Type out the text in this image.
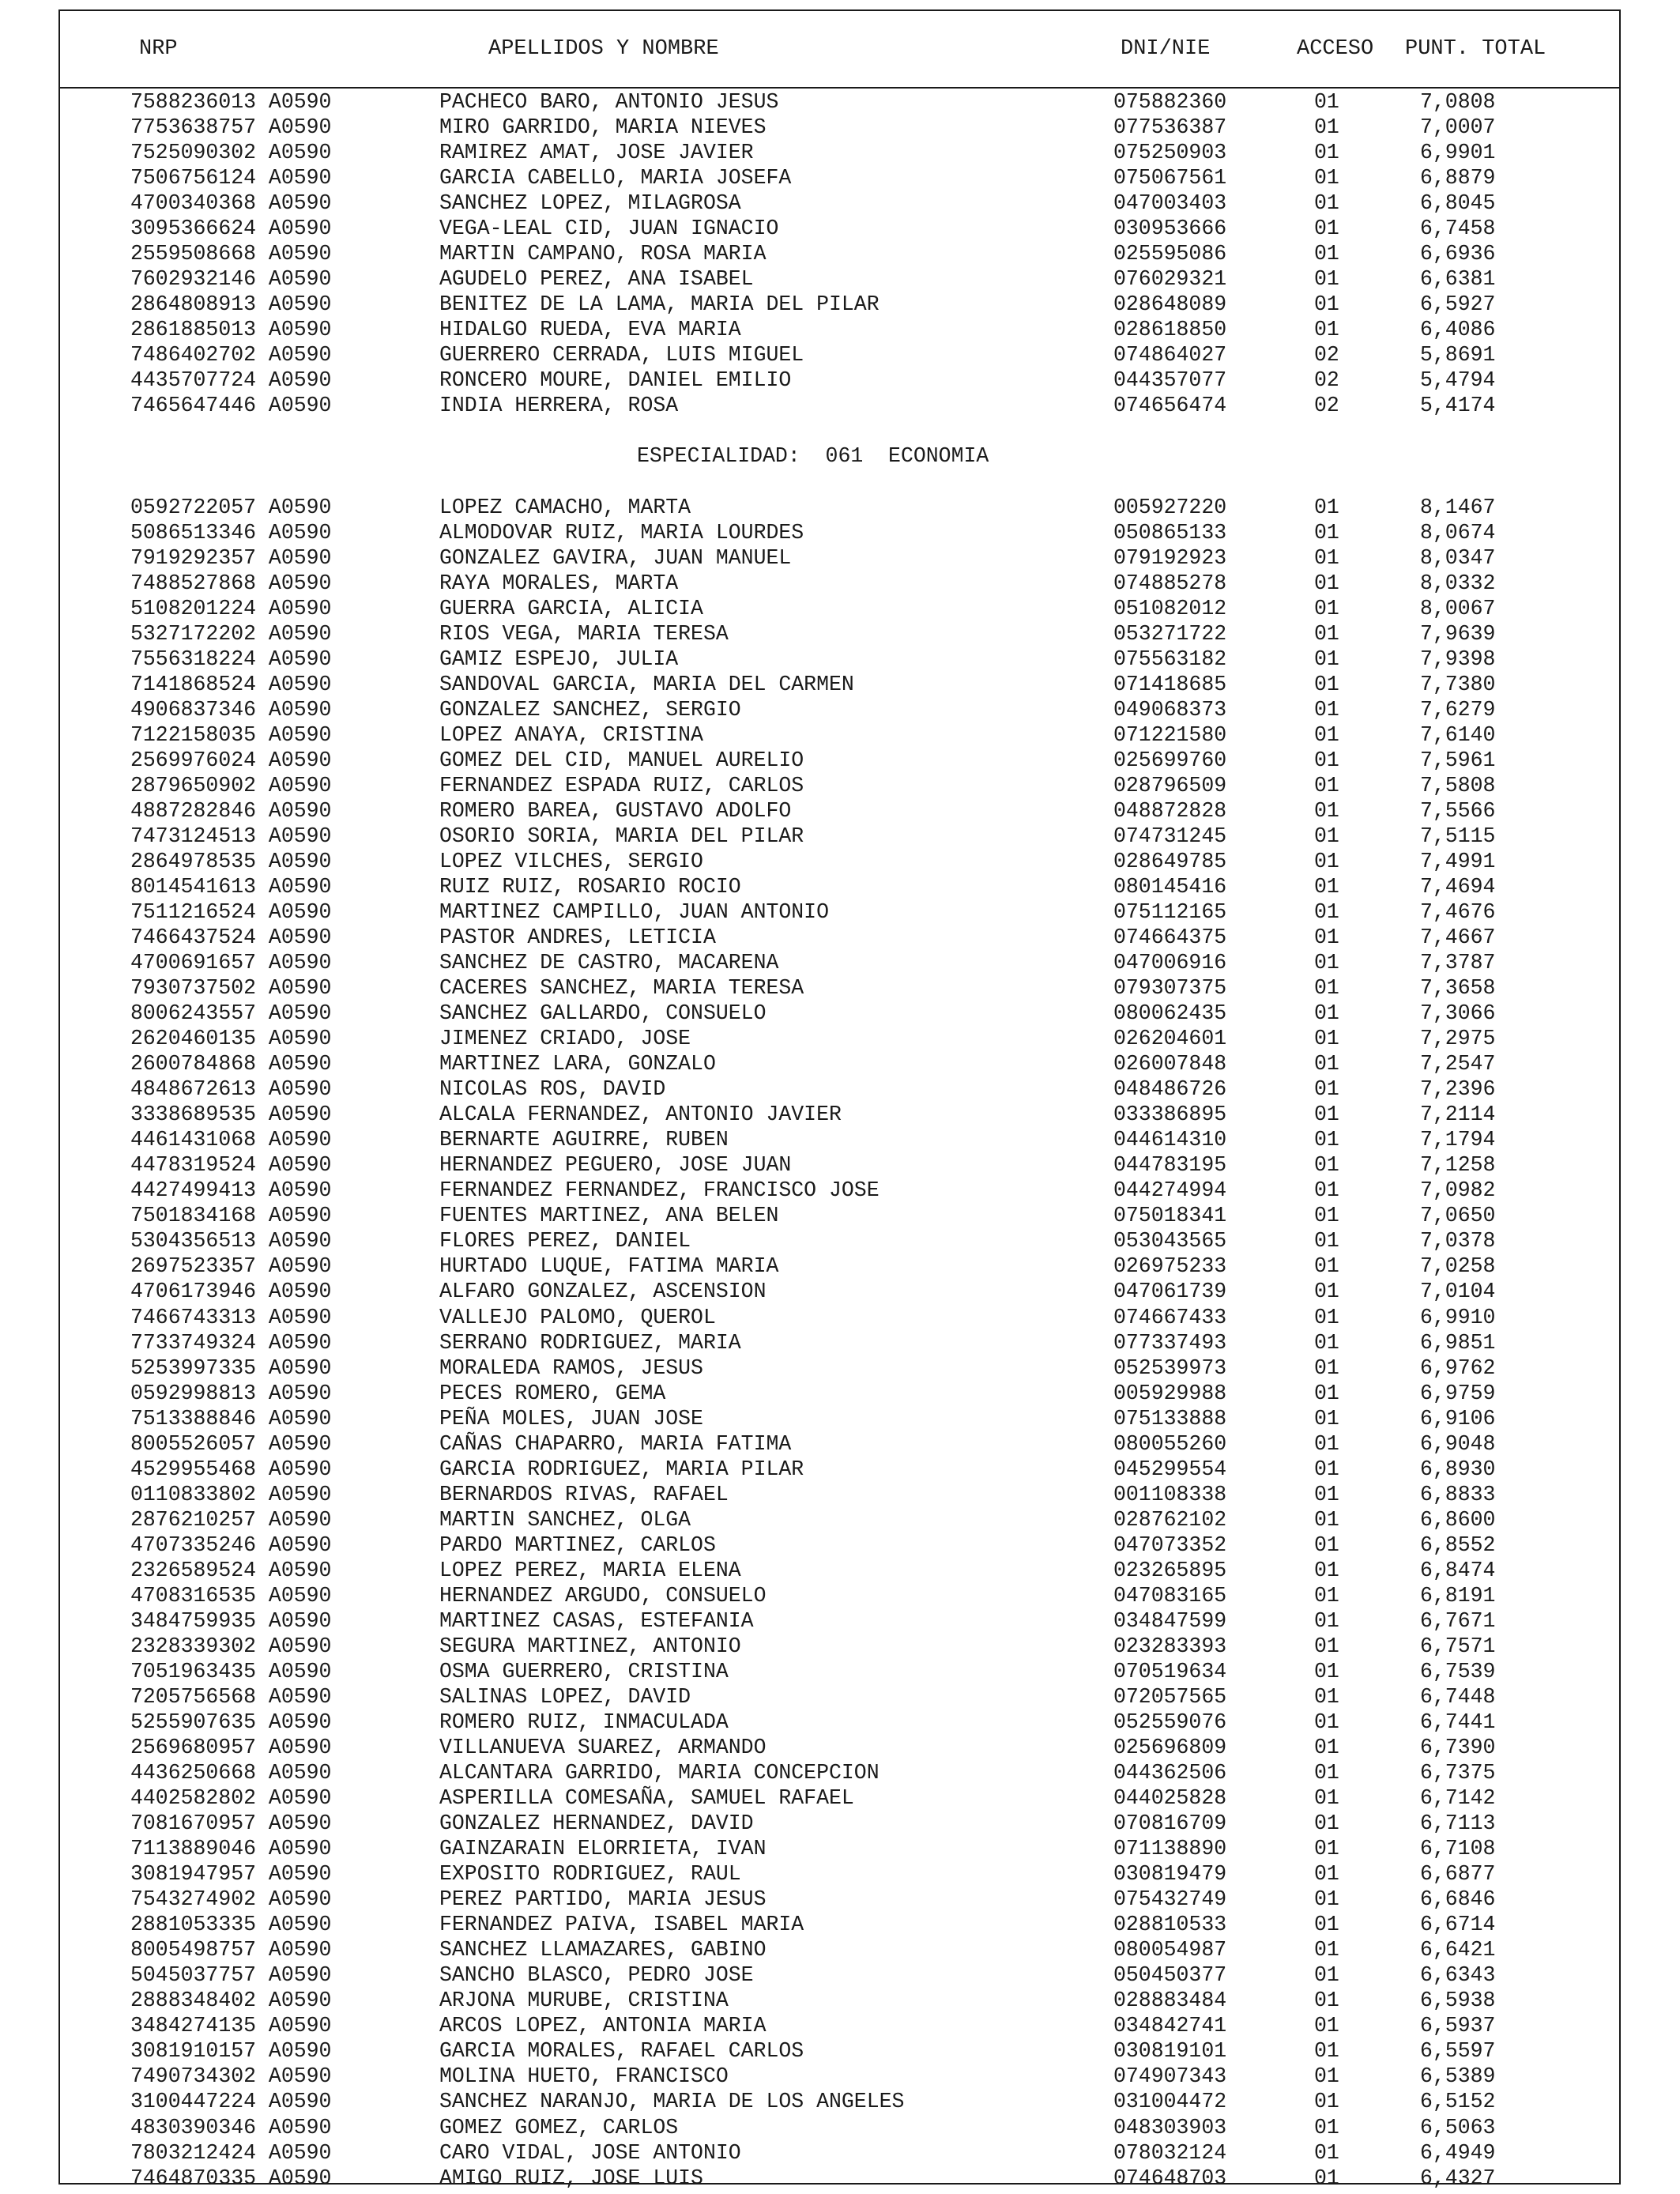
NRP	APELLIDOS Y NOMBRE	DNI/NIE	ACCESO PUNT. TOTAL
7588236013 A0590	PACHECO BARO, ANTONIO JESUS	075882360	01	7,0808
7753638757 A0590	MIRO GARRIDO, MARIA NIEVES	077536387	01	7,0007
7525090302 A0590	RAMIREZ AMAT, JOSE JAVIER	075250903	01	6,9901
7506756124 A0590	GARCIA CABELLO, MARIA JOSEFA	075067561	01	6,8879
4700340368 A0590	SANCHEZ LOPEZ, MILAGROSA	047003403	01	6,8045
3095366624 A0590	VEGA-LEAL CID, JUAN IGNACIO	030953666	01	6,7458
2559508668 A0590	MARTIN CAMPANO, ROSA MARIA	025595086	01	6,6936
7602932146 A0590	AGUDELO PEREZ, ANA ISABEL	076029321	01	6,6381
2864808913 A0590	BENITEZ DE LA LAMA, MARIA DEL PILAR	028648089	01	6,5927
2861885013 A0590	HIDALGO RUEDA, EVA MARIA	028618850	01	6,4086
7486402702 A0590	GUERRERO CERRADA, LUIS MIGUEL	074864027	02	5,8691
4435707724 A0590	RONCERO MOURE, DANIEL EMILIO	044357077	02	5,4794
7465647446 A0590	INDIA HERRERA, ROSA	074656474	02	5,4174
ESPECIALIDAD:  061  ECONOMIA
0592722057 A0590	LOPEZ CAMACHO, MARTA	005927220	01	8,1467
5086513346 A0590	ALMODOVAR RUIZ, MARIA LOURDES	050865133	01	8,0674
7919292357 A0590	GONZALEZ GAVIRA, JUAN MANUEL	079192923	01	8,0347
7488527868 A0590	RAYA MORALES, MARTA	074885278	01	8,0332
5108201224 A0590	GUERRA GARCIA, ALICIA	051082012	01	8,0067
5327172202 A0590	RIOS VEGA, MARIA TERESA	053271722	01	7,9639
7556318224 A0590	GAMIZ ESPEJO, JULIA	075563182	01	7,9398
7141868524 A0590	SANDOVAL GARCIA, MARIA DEL CARMEN	071418685	01	7,7380
4906837346 A0590	GONZALEZ SANCHEZ, SERGIO	049068373	01	7,6279
7122158035 A0590	LOPEZ ANAYA, CRISTINA	071221580	01	7,6140
2569976024 A0590	GOMEZ DEL CID, MANUEL AURELIO	025699760	01	7,5961
2879650902 A0590	FERNANDEZ ESPADA RUIZ, CARLOS	028796509	01	7,5808
4887282846 A0590	ROMERO BAREA, GUSTAVO ADOLFO	048872828	01	7,5566
7473124513 A0590	OSORIO SORIA, MARIA DEL PILAR	074731245	01	7,5115
2864978535 A0590	LOPEZ VILCHES, SERGIO	028649785	01	7,4991
8014541613 A0590	RUIZ RUIZ, ROSARIO ROCIO	080145416	01	7,4694
7511216524 A0590	MARTINEZ CAMPILLO, JUAN ANTONIO	075112165	01	7,4676
7466437524 A0590	PASTOR ANDRES, LETICIA	074664375	01	7,4667
4700691657 A0590	SANCHEZ DE CASTRO, MACARENA	047006916	01	7,3787
7930737502 A0590	CACERES SANCHEZ, MARIA TERESA	079307375	01	7,3658
8006243557 A0590	SANCHEZ GALLARDO, CONSUELO	080062435	01	7,3066
2620460135 A0590	JIMENEZ CRIADO, JOSE	026204601	01	7,2975
2600784868 A0590	MARTINEZ LARA, GONZALO	026007848	01	7,2547
4848672613 A0590	NICOLAS ROS, DAVID	048486726	01	7,2396
3338689535 A0590	ALCALA FERNANDEZ, ANTONIO JAVIER	033386895	01	7,2114
4461431068 A0590	BERNARTE AGUIRRE, RUBEN	044614310	01	7,1794
4478319524 A0590	HERNANDEZ PEGUERO, JOSE JUAN	044783195	01	7,1258
4427499413 A0590	FERNANDEZ FERNANDEZ, FRANCISCO JOSE	044274994	01	7,0982
7501834168 A0590	FUENTES MARTINEZ, ANA BELEN	075018341	01	7,0650
5304356513 A0590	FLORES PEREZ, DANIEL	053043565	01	7,0378
2697523357 A0590	HURTADO LUQUE, FATIMA MARIA	026975233	01	7,0258
4706173946 A0590	ALFARO GONZALEZ, ASCENSION	047061739	01	7,0104
7466743313 A0590	VALLEJO PALOMO, QUEROL	074667433	01	6,9910
7733749324 A0590	SERRANO RODRIGUEZ, MARIA	077337493	01	6,9851
5253997335 A0590	MORALEDA RAMOS, JESUS	052539973	01	6,9762
0592998813 A0590	PECES ROMERO, GEMA	005929988	01	6,9759
7513388846 A0590	PEÑA MOLES, JUAN JOSE	075133888	01	6,9106
8005526057 A0590	CAÑAS CHAPARRO, MARIA FATIMA	080055260	01	6,9048
4529955468 A0590	GARCIA RODRIGUEZ, MARIA PILAR	045299554	01	6,8930
0110833802 A0590	BERNARDOS RIVAS, RAFAEL	001108338	01	6,8833
2876210257 A0590	MARTIN SANCHEZ, OLGA	028762102	01	6,8600
4707335246 A0590	PARDO MARTINEZ, CARLOS	047073352	01	6,8552
2326589524 A0590	LOPEZ PEREZ, MARIA ELENA	023265895	01	6,8474
4708316535 A0590	HERNANDEZ ARGUDO, CONSUELO	047083165	01	6,8191
3484759935 A0590	MARTINEZ CASAS, ESTEFANIA	034847599	01	6,7671
2328339302 A0590	SEGURA MARTINEZ, ANTONIO	023283393	01	6,7571
7051963435 A0590	OSMA GUERRERO, CRISTINA	070519634	01	6,7539
7205756568 A0590	SALINAS LOPEZ, DAVID	072057565	01	6,7448
5255907635 A0590	ROMERO RUIZ, INMACULADA	052559076	01	6,7441
2569680957 A0590	VILLANUEVA SUAREZ, ARMANDO	025696809	01	6,7390
4436250668 A0590	ALCANTARA GARRIDO, MARIA CONCEPCION	044362506	01	6,7375
4402582802 A0590	ASPERILLA COMESAÑA, SAMUEL RAFAEL	044025828	01	6,7142
7081670957 A0590	GONZALEZ HERNANDEZ, DAVID	070816709	01	6,7113
7113889046 A0590	GAINZARAIN ELORRIETA, IVAN	071138890	01	6,7108
3081947957 A0590	EXPOSITO RODRIGUEZ, RAUL	030819479	01	6,6877
7543274902 A0590	PEREZ PARTIDO, MARIA JESUS	075432749	01	6,6846
2881053335 A0590	FERNANDEZ PAIVA, ISABEL MARIA	028810533	01	6,6714
8005498757 A0590	SANCHEZ LLAMAZARES, GABINO	080054987	01	6,6421
5045037757 A0590	SANCHO BLASCO, PEDRO JOSE	050450377	01	6,6343
2888348402 A0590	ARJONA MURUBE, CRISTINA	028883484	01	6,5938
3484274135 A0590	ARCOS LOPEZ, ANTONIA MARIA	034842741	01	6,5937
3081910157 A0590	GARCIA MORALES, RAFAEL CARLOS	030819101	01	6,5597
7490734302 A0590	MOLINA HUETO, FRANCISCO	074907343	01	6,5389
3100447224 A0590	SANCHEZ NARANJO, MARIA DE LOS ANGELES	031004472	01	6,5152
4830390346 A0590	GOMEZ GOMEZ, CARLOS	048303903	01	6,5063
7803212424 A0590	CARO VIDAL, JOSE ANTONIO	078032124	01	6,4949
7464870335 A0590	AMIGO RUIZ, JOSE LUIS	074648703	01	6,4327
